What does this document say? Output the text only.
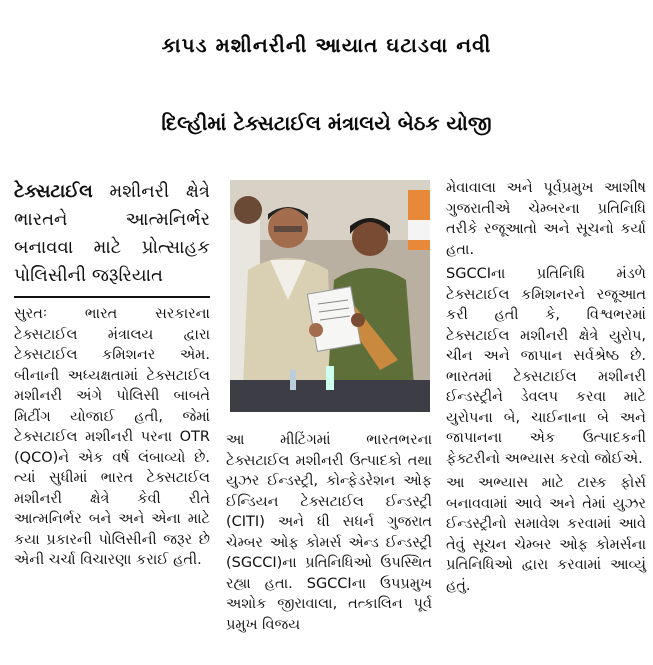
કાપડ મશીનરીની આયાત ઘટાડવા નવી
દિલ્હીમાં ટેક્સટાઈલ મંત્રાલયે બેઠક યોજી
ટેક્સટાઈલ મશીનરી ક્ષેત્રે ભારતને આત્મનિર્ભર બનાવવા માટે પ્રોત્સાહક પોલિસીની જરૂરિયાત

સુરતઃ ભારત સરકારના ટેક્સટાઈલ મંત્રાલય દ્વારા ટેક્સટાઈલ કમિશનર એમ. બીનાની અધ્યક્ષતામાં ટેક્સટાઈલ મશીનરી અંગે પોલિસી બાબતે મિટીંગ યોજાઈ હતી, જેમાં ટેક્સટાઈલ મશીનરી પરના OTR (QCO)ને એક વર્ષ લંબાવ્યો છે. ત્યાં સુધીમાં ભારત ટેક્સટાઈલ મશીનરી ક્ષેત્રે કેવી રીતે આત્મનિર્ભર બને અને એના માટે કયા પ્રકારની પોલિસીની જરૂર છે એની ચર્ચા વિચારણા કરાઈ હતી.

આ મીટિંગમાં ભારતભરના ટેક્સટાઈલ મશીનરી ઉત્પાદકો તથા યુઝર ઈન્ડસ્ટ્રી, કોન્ફેડરેશન ઓફ ઈન્ડિયન ટેક્સટાઈલ ઈન્ડસ્ટ્રી (CITI) અને ધી સધર્ન ગુજરાત ચેમ્બર ઓફ કોમર્સ એન્ડ ઈન્ડસ્ટ્રી (SGCCI)ના પ્રતિનિધિઓ ઉપસ્થિત રહ્યા હતા. SGCCIના ઉપપ્રમુખ અશોક જીરાવાલા, તત્કાલિન પૂર્વ પ્રમુખ વિજય

મેવાવાલા અને પૂર્વપ્રમુખ આશીષ ગુજરાતીએ ચેમ્બરના પ્રતિનિધિ તરીકે રજૂઆતો અને સૂચનો કર્યા હતા.

SGCCIના પ્રતિનિધિ મંડળે ટેક્સટાઈલ કમિશનરને રજૂઆત કરી હતી કે, વિશ્વભરમાં ટેક્સટાઈલ મશીનરી ક્ષેત્રે યુરોપ, ચીન અને જાપાન સર્વશ્રેષ્ઠ છે. ભારતમાં ટેક્સટાઈલ મશીનરી ઈન્ડસ્ટ્રીને ડેવલપ કરવા માટે યુરોપના બે, ચાઈનાના બે અને જાપાનના એક ઉત્પાદકની ફેક્ટરીનો અભ્યાસ કરવો જોઈએ.

આ અભ્યાસ માટે ટાસ્ક ફોર્સ બનાવવામાં આવે અને તેમાં યુઝર ઈન્ડસ્ટ્રીનો સમાવેશ કરવામાં આવે તેવું સૂચન ચેમ્બર ઓફ કોમર્સના પ્રતિનિધિઓ દ્વારા કરવામાં આવ્યું હતું.
